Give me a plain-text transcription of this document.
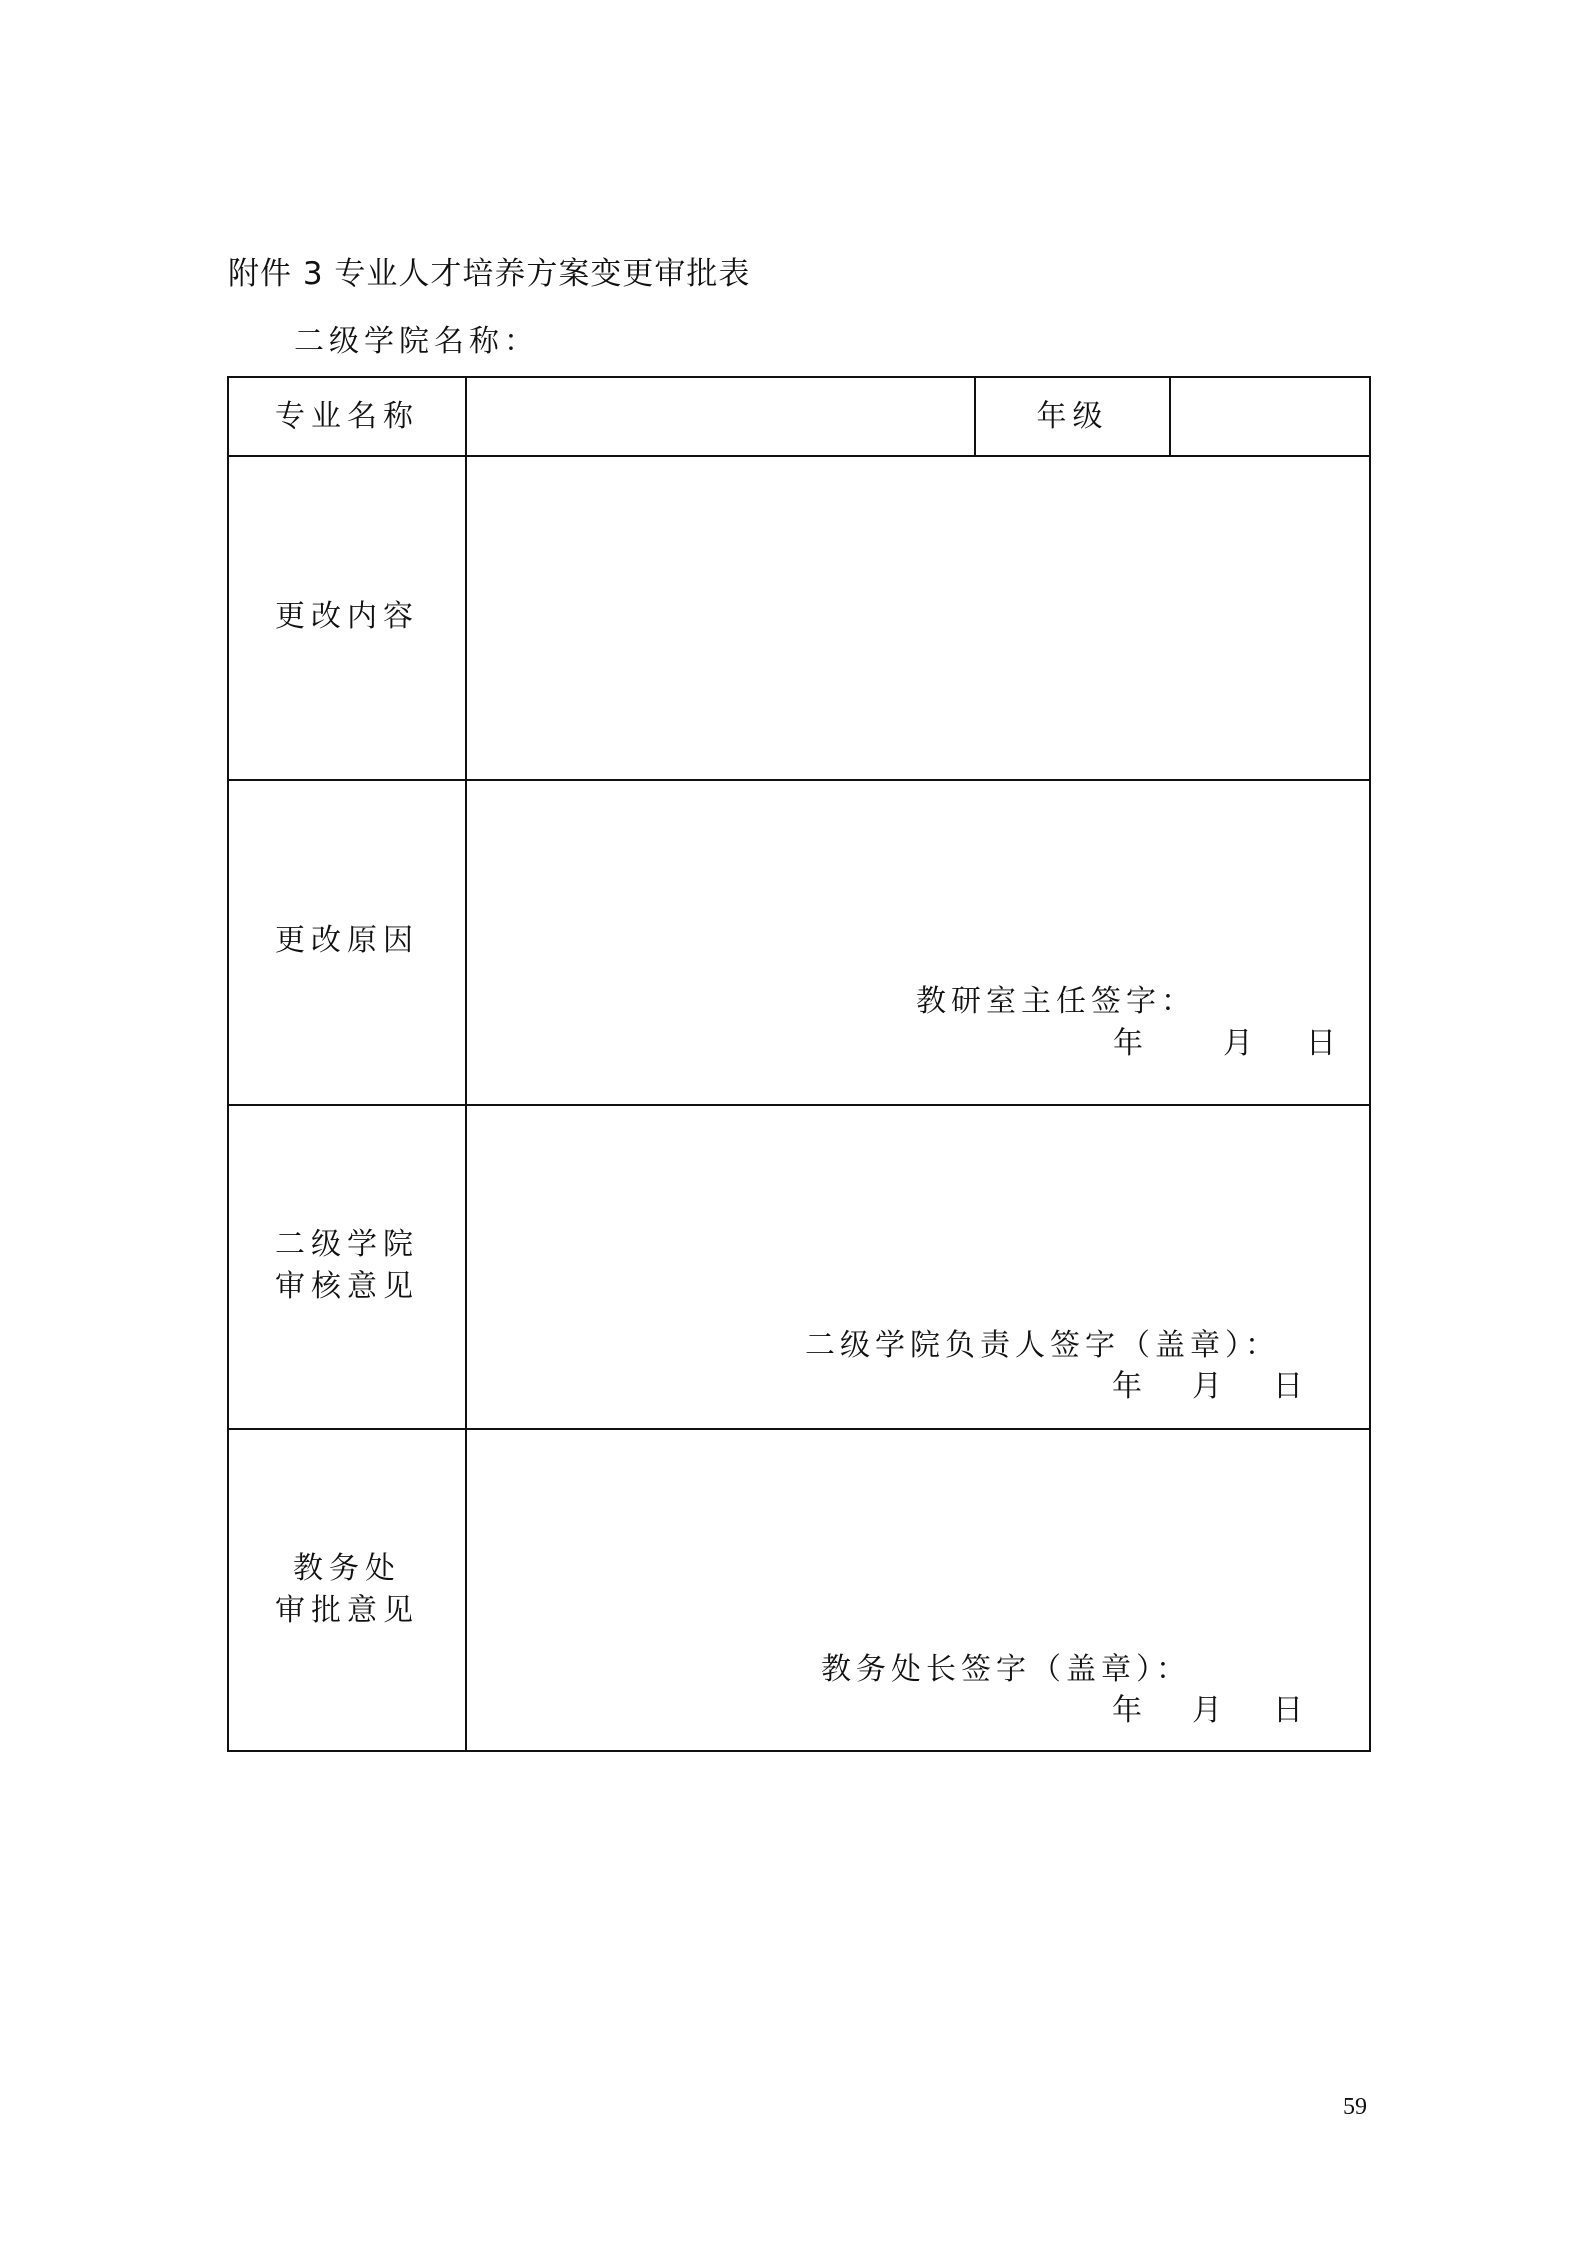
附件 3 专业人才培养方案变更审批表
二级学院名称：
专业名称	年级
更改内容
更改原因
教研室主任签字：
年	月 日
二级学院
审核意见
二级学院负责人签字（盖章）：
年 月 日
教务处
审批意见
教务处长签字（盖章）：
年 月 日
59
